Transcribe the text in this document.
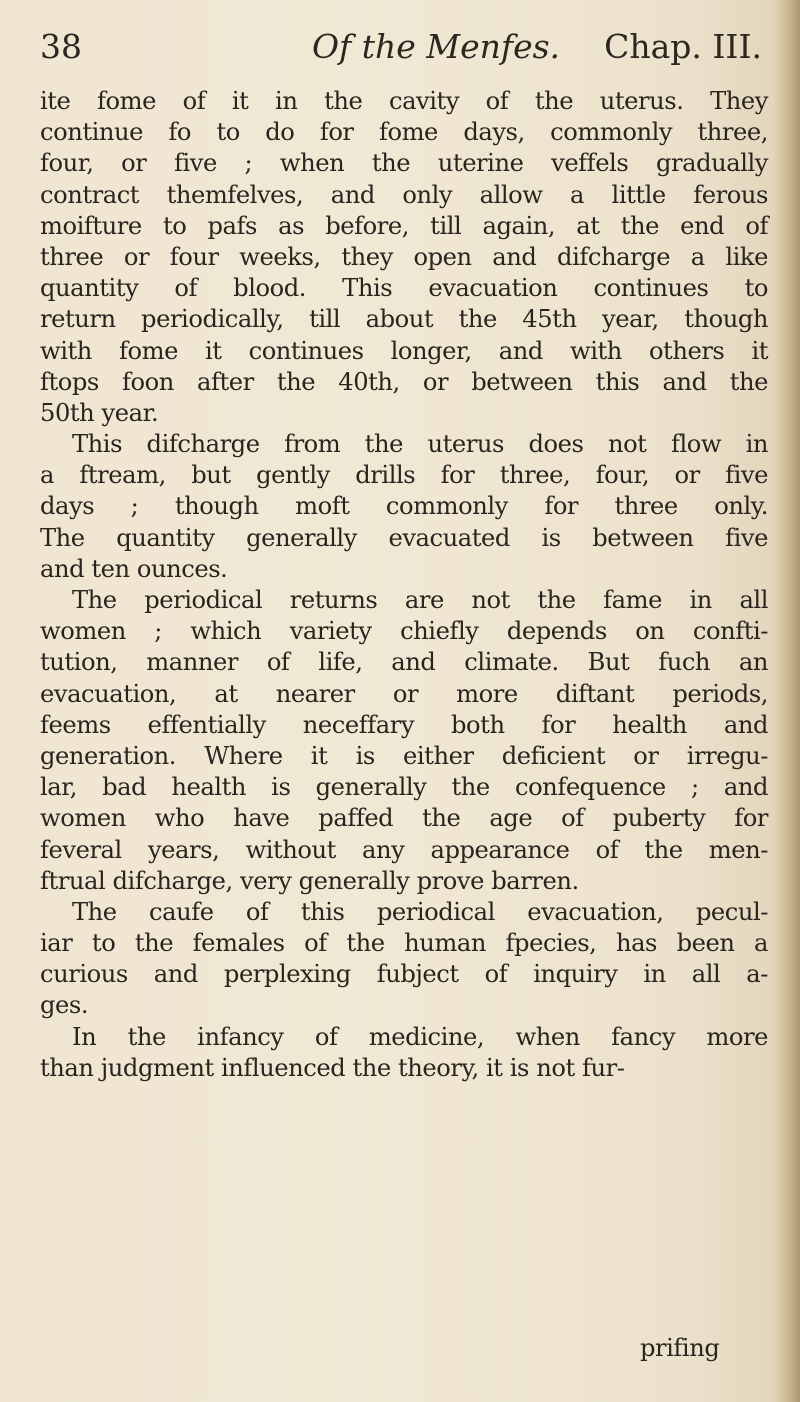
38	Of the Menfes. Chap. III.
ite fome of it in the cavity of the uterus. They
continue fo to do for fome days, commonly three,
four, or five ; when the uterine veffels gradually
contract themfelves, and only allow a little ferous
moifture to pafs as before, till again, at the end of
three or four weeks, they open and difcharge a like
quantity of blood. This evacuation continues to
return periodically, till about the 45th year, though
with fome it continues longer, and with others it
ftops foon after the 40th, or between this and the
50th year.
This difcharge from the uterus does not flow in
a ftream, but gently drills for three, four, or five
days ; though moft commonly for three only.
The quantity generally evacuated is between five
and ten ounces.
The periodical returns are not the fame in all
women ; which variety chiefly depends on confti-
tution, manner of life, and climate. But fuch an
evacuation, at nearer or more diftant periods,
feems effentially neceffary both for health and
generation. Where it is either deficient or irregu-
lar, bad health is generally the confequence ; and
women who have paffed the age of puberty for
feveral years, without any appearance of the men-
ftrual difcharge, very generally prove barren.
The caufe of this periodical evacuation, pecul-
iar to the females of the human fpecies, has been a
curious and perplexing fubject of inquiry in all a-
ges.
In the infancy of medicine, when fancy more
than judgment influenced the theory, it is not fur-
prifing
